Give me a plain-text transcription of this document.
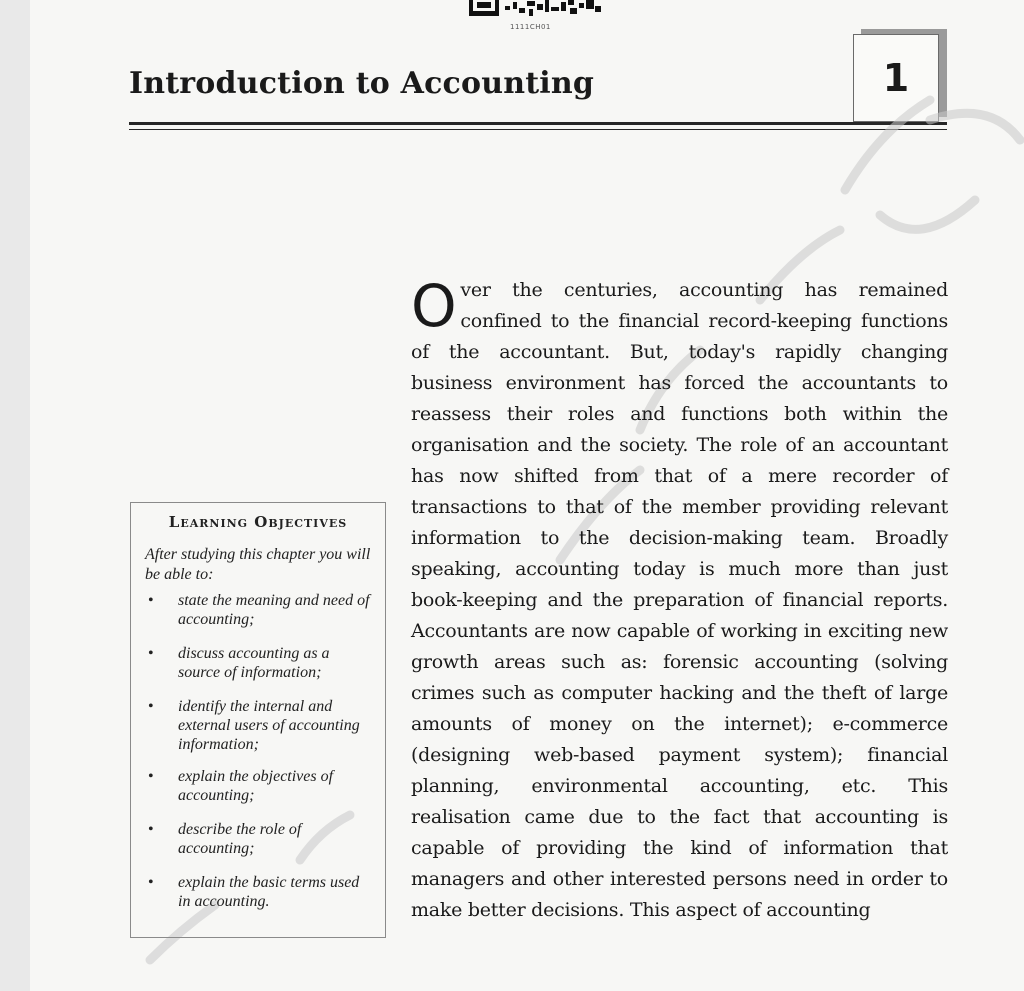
1111CH01
Introduction to Accounting	1
Learning Objectives

After studying this chapter you will be able to:

• state the meaning and need of accounting;
• discuss accounting as a source of information;
• identify the internal and external users of accounting information;
• explain the objectives of accounting;
• describe the role of accounting;
• explain the basic terms used in accounting.

Over the centuries, accounting has remained confined to the financial record-keeping functions of the accountant. But, today's rapidly changing business environment has forced the accountants to reassess their roles and functions both within the organisation and the society. The role of an accountant has now shifted from that of a mere recorder of transactions to that of the member providing relevant information to the decision-making team. Broadly speaking, accounting today is much more than just book-keeping and the preparation of financial reports. Accountants are now capable of working in exciting new growth areas such as: forensic accounting (solving crimes such as computer hacking and the theft of large amounts of money on the internet); e-commerce (designing web-based payment system); financial planning, environmental accounting, etc. This realisation came due to the fact that accounting is capable of providing the kind of information that managers and other interested persons need in order to make better decisions. This aspect of accounting
